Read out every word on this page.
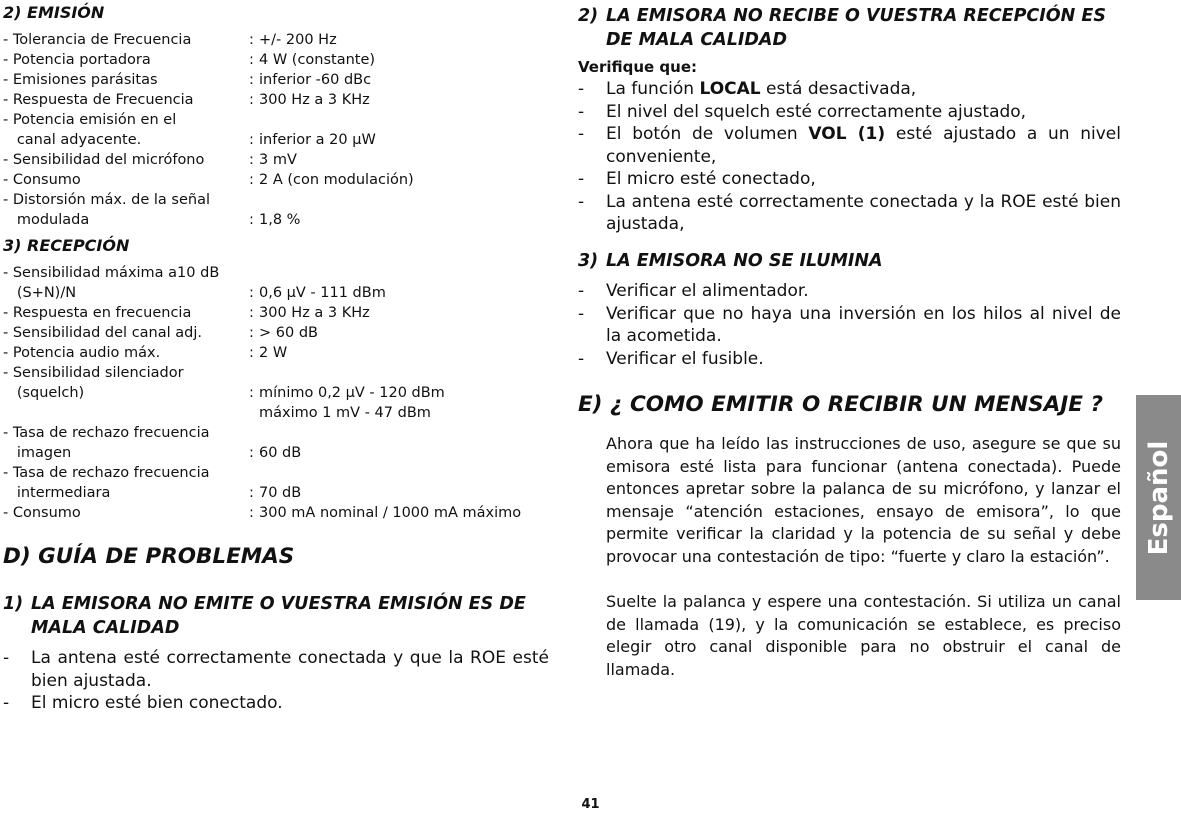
2) EMISIÓN
- Tolerancia de Frecuencia	: +/- 200 Hz
- Potencia portadora	: 4 W (constante)
- Emisiones parásitas	: inferior -60 dBc
- Respuesta de Frecuencia	: 300 Hz a 3 KHz
- Potencia emisión en el
canal adyacente.	: inferior a 20 μW
- Sensibilidad del micrófono	: 3 mV
- Consumo	: 2 A (con modulación)
- Distorsión máx. de la señal
modulada	: 1,8 %
3) RECEPCIÓN
- Sensibilidad máxima a10 dB
(S+N)/N	: 0,6 μV - 111 dBm
- Respuesta en frecuencia	: 300 Hz a 3 KHz
- Sensibilidad del canal adj.	: > 60 dB
- Potencia audio máx.	: 2 W
- Sensibilidad silenciador
(squelch)	: mínimo 0,2 μV - 120 dBm
máximo 1 mV - 47 dBm
- Tasa de rechazo frecuencia
imagen	: 60 dB
- Tasa de rechazo frecuencia
intermediara	: 70 dB
- Consumo	: 300 mA nominal / 1000 mA máximo
D) GUÍA DE PROBLEMAS
1) LA EMISORA NO EMITE O VUESTRA EMISIÓN ES DE MALA CALIDAD
- La antena esté correctamente conectada y que la ROE esté bien ajustada.
- El micro esté bien conectado.
2) LA EMISORA NO RECIBE O VUESTRA RECEPCIÓN ES DE MALA CALIDAD

Verifique que:

- La función LOCAL está desactivada,
- El nivel del squelch esté correctamente ajustado,
- El botón de volumen VOL (1) esté ajustado a un nivel conveniente,
- El micro esté conectado,
- La antena esté correctamente conectada y la ROE esté bien ajustada,
3) LA EMISORA NO SE ILUMINA
- Verificar el alimentador.
- Verificar que no haya una inversión en los hilos al nivel de la acometida.
- Verificar el fusible.
E) ¿ COMO EMITIR O RECIBIR UN MENSAJE ?

Ahora que ha leído las instrucciones de uso, asegure se que su emisora esté lista para funcionar (antena conectada). Puede entonces apretar sobre la palanca de su micrófono, y lanzar el mensaje “atención estaciones, ensayo de emisora”, lo que permite verificar la claridad y la potencia de su señal y debe provocar una contestación de tipo: “fuerte y claro la estación”.

Suelte la palanca y espere una contestación. Si utiliza un canal de llamada (19), y la comunicación se establece, es preciso elegir otro canal disponible para no obstruir el canal de llamada.

Español
41
